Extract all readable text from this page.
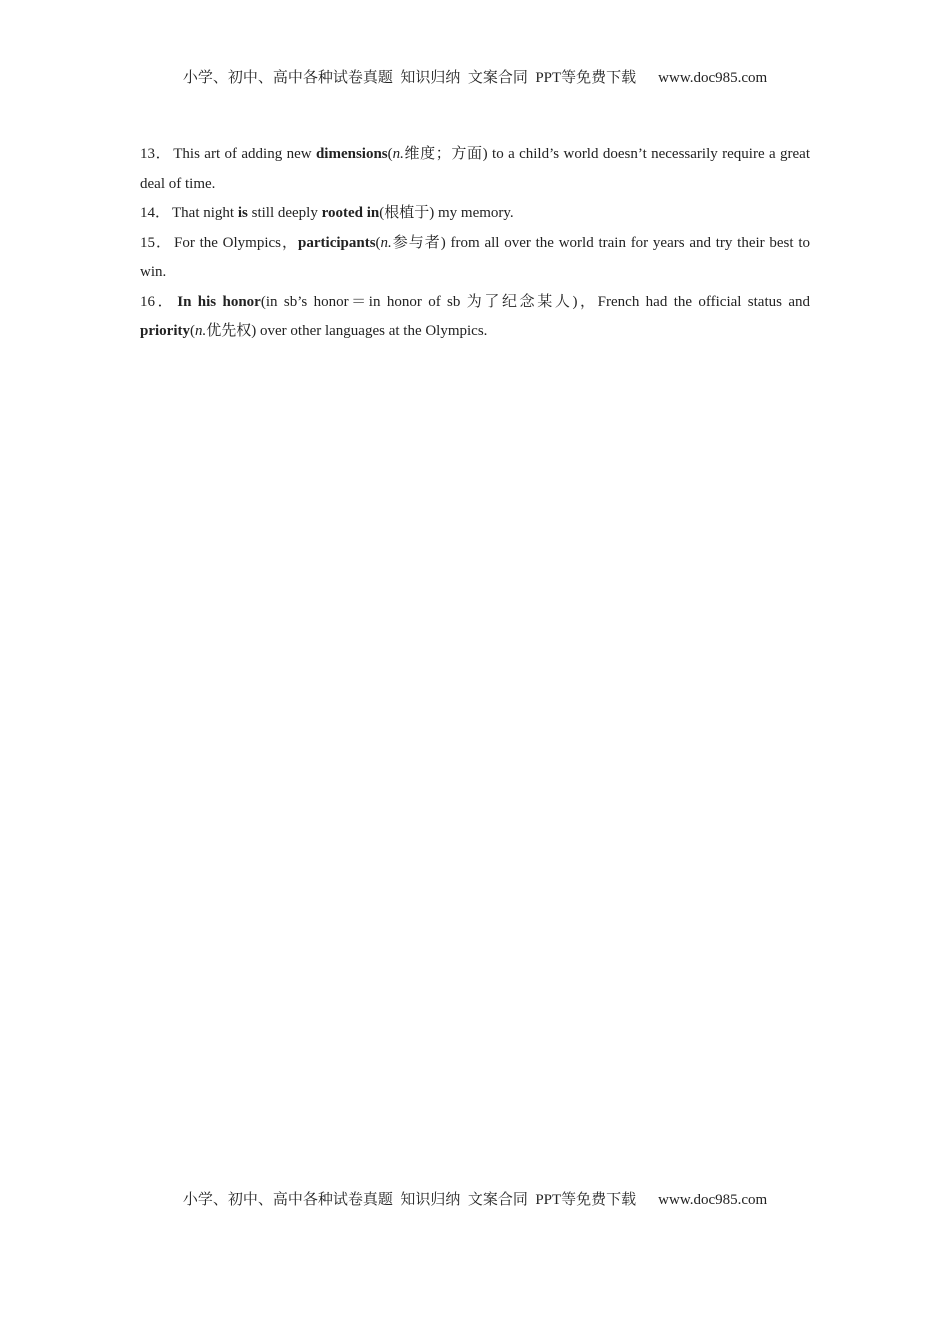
小学、初中、高中各种试卷真题  知识归纳  文案合同  PPT等免费下载 www.doc985.com

13． This art of adding new dimensions(n.维度；方面) to a child’s world doesn’t necessarily require a great deal of time.

14． That night is still deeply rooted in(根植于) my memory.

15． For the Olympics，participants(n.参与者) from all over the world train for years and try their best to win.

16． In his honor(in sb’s honor＝in honor of sb 为了纪念某人)，French had the official status and priority(n.优先权) over other languages at the Olympics.

小学、初中、高中各种试卷真题  知识归纳  文案合同  PPT等免费下载 www.doc985.com
